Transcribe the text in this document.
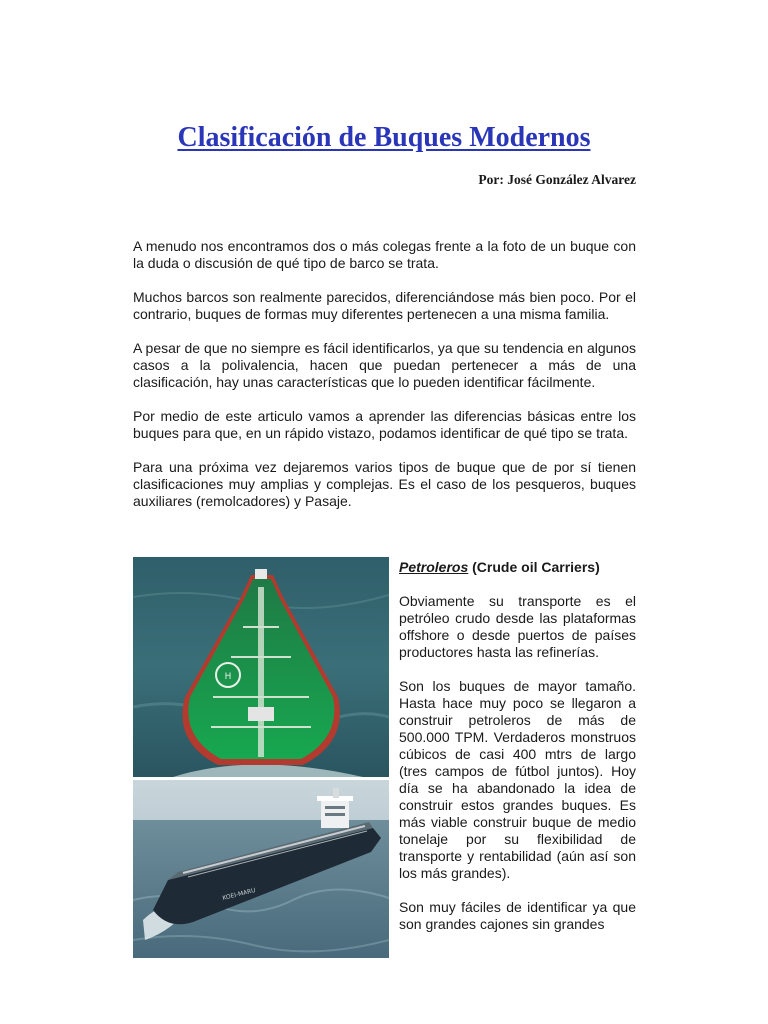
Clasificación de Buques Modernos
Por: José González Alvarez

A menudo nos encontramos dos o más colegas frente a la foto de un buque con la duda o discusión de qué tipo de barco se trata.

Muchos barcos son realmente parecidos, diferenciándose más bien poco. Por el contrario, buques de formas muy diferentes pertenecen a una misma familia.

A pesar de que no siempre es fácil identificarlos, ya que su tendencia en algunos casos a la polivalencia, hacen que puedan pertenecer a más de una clasificación, hay unas características que lo pueden identificar fácilmente.

Por medio de este articulo vamos a aprender las diferencias básicas entre los buques para que, en un rápido vistazo, podamos identificar de qué tipo se trata.

Para una próxima vez dejaremos varios tipos de buque que de por sí tienen clasificaciones muy amplias y complejas. Es el caso de los pesqueros, buques auxiliares (remolcadores) y Pasaje.

H
KOEI-MARU

Petroleros (Crude oil Carriers)

Obviamente su transporte es el petróleo crudo desde las plataformas offshore o desde puertos de países productores hasta las refinerías.

Son los buques de mayor tamaño. Hasta hace muy poco se llegaron a construir petroleros de más de 500.000 TPM. Verdaderos monstruos cúbicos de casi 400 mtrs de largo (tres campos de fútbol juntos). Hoy día se ha abandonado la idea de construir estos grandes buques. Es más viable construir buque de medio tonelaje por su flexibilidad de transporte y rentabilidad (aún así son los más grandes).

Son muy fáciles de identificar ya que son grandes cajones sin grandes
